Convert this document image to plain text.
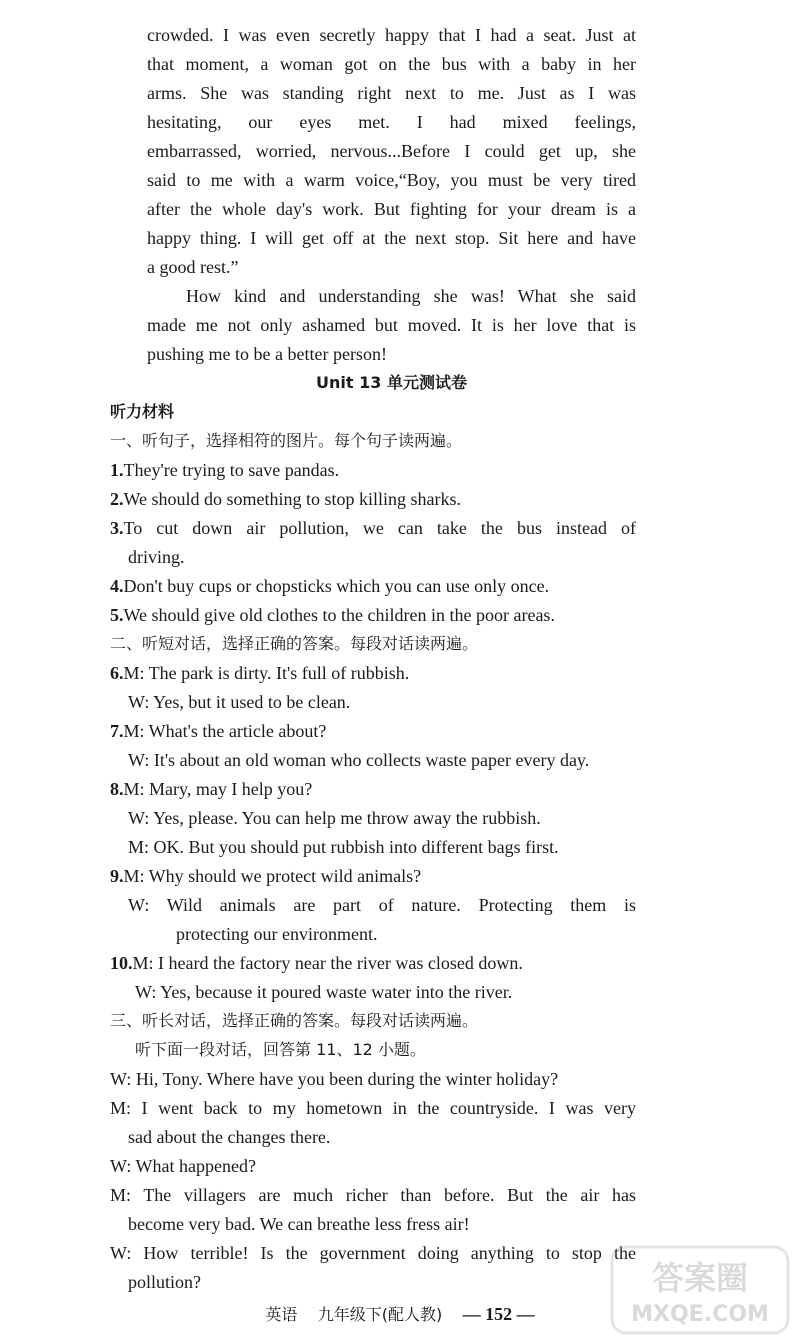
crowded. I was even secretly happy that I had a seat. Just at
that moment, a woman got on the bus with a baby in her
arms. She was standing right next to me. Just as I was
hesitating, our eyes met. I had mixed feelings,
embarrassed, worried, nervous...Before I could get up, she
said to me with a warm voice,“Boy, you must be very tired
after the whole day's work. But fighting for your dream is a
happy thing. I will get off at the next stop. Sit here and have
a good rest.”
How kind and understanding she was! What she said
made me not only ashamed but moved. It is her love that is
pushing me to be a better person!
Unit 13 单元测试卷
听力材料
一、听句子，选择相符的图片。每个句子读两遍。
1.They're trying to save pandas.
2.We should do something to stop killing sharks.
3.To cut down air pollution, we can take the bus instead of
driving.
4.Don't buy cups or chopsticks which you can use only once.
5.We should give old clothes to the children in the poor areas.
二、听短对话，选择正确的答案。每段对话读两遍。
6.M: The park is dirty. It's full of rubbish.
W: Yes, but it used to be clean.
7.M: What's the article about?
W: It's about an old woman who collects waste paper every day.
8.M: Mary, may I help you?
W: Yes, please. You can help me throw away the rubbish.
M: OK. But you should put rubbish into different bags first.
9.M: Why should we protect wild animals?
W: Wild animals are part of nature. Protecting them is
protecting our environment.
10.M: I heard the factory near the river was closed down.
W: Yes, because it poured waste water into the river.
三、听长对话，选择正确的答案。每段对话读两遍。
听下面一段对话，回答第 11、12 小题。
W: Hi, Tony. Where have you been during the winter holiday?
M: I went back to my hometown in the countryside. I was very
sad about the changes there.
W: What happened?
M: The villagers are much richer than before. But the air has
become very bad. We can breathe less fress air!
W: How terrible! Is the government doing anything to stop the
pollution?
英语 九年级下(配人教) — 152 —
答案圈
MXQE.COM
